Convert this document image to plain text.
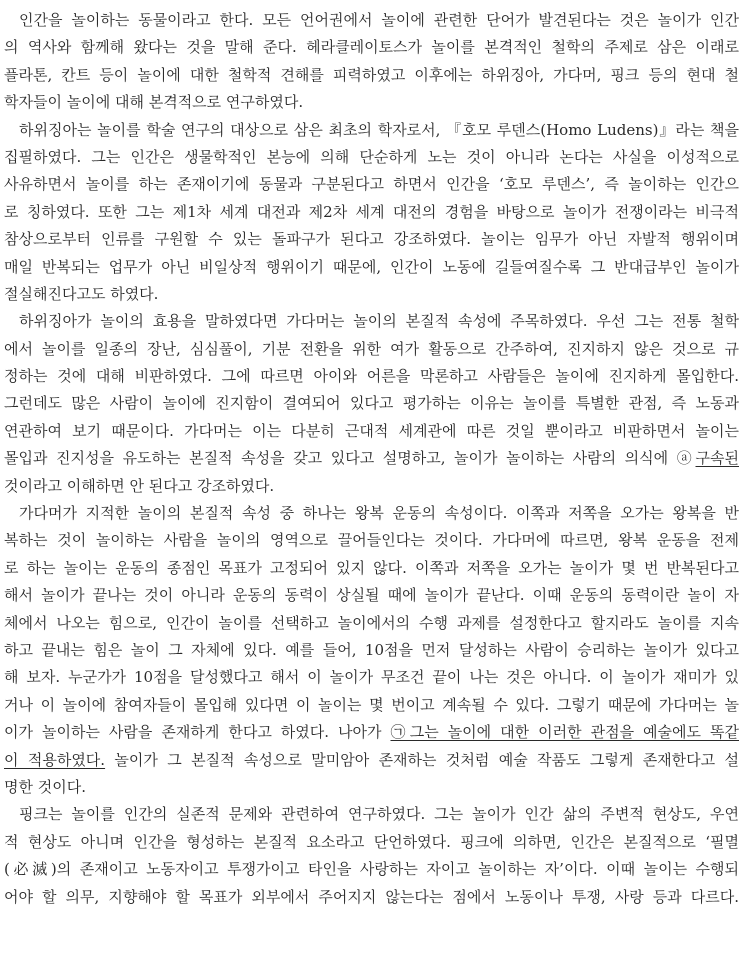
인간을 놀이하는 동물이라고 한다. 모든 언어권에서 놀이에 관련한 단어가 발견된다는 것은 놀이가 인간
의 역사와 함께해 왔다는 것을 말해 준다. 헤라클레이토스가 놀이를 본격적인 철학의 주제로 삼은 이래로
플라톤, 칸트 등이 놀이에 대한 철학적 견해를 피력하였고 이후에는 하위징아, 가다머, 핑크 등의 현대 철
학자들이 놀이에 대해 본격적으로 연구하였다.
하위징아는 놀이를 학술 연구의 대상으로 삼은 최초의 학자로서, 『호모 루덴스(Homo Ludens)』라는 책을
집필하였다. 그는 인간은 생물학적인 본능에 의해 단순하게 노는 것이 아니라 논다는 사실을 이성적으로
사유하면서 놀이를 하는 존재이기에 동물과 구분된다고 하면서 인간을 ‘호모 루덴스’, 즉 놀이하는 인간으
로 칭하였다. 또한 그는 제1차 세계 대전과 제2차 세계 대전의 경험을 바탕으로 놀이가 전쟁이라는 비극적
참상으로부터 인류를 구원할 수 있는 돌파구가 된다고 강조하였다. 놀이는 임무가 아닌 자발적 행위이며
매일 반복되는 업무가 아닌 비일상적 행위이기 때문에, 인간이 노동에 길들여질수록 그 반대급부인 놀이가
절실해진다고도 하였다.
하위징아가 놀이의 효용을 말하였다면 가다머는 놀이의 본질적 속성에 주목하였다. 우선 그는 전통 철학
에서 놀이를 일종의 장난, 심심풀이, 기분 전환을 위한 여가 활동으로 간주하여, 진지하지 않은 것으로 규
정하는 것에 대해 비판하였다. 그에 따르면 아이와 어른을 막론하고 사람들은 놀이에 진지하게 몰입한다.
그런데도 많은 사람이 놀이에 진지함이 결여되어 있다고 평가하는 이유는 놀이를 특별한 관점, 즉 노동과
연관하여 보기 때문이다. 가다머는 이는 다분히 근대적 세계관에 따른 것일 뿐이라고 비판하면서 놀이는
몰입과 진지성을 유도하는 본질적 속성을 갖고 있다고 설명하고, 놀이가 놀이하는 사람의 의식에 ⓐ구속된
것이라고 이해하면 안 된다고 강조하였다.
가다머가 지적한 놀이의 본질적 속성 중 하나는 왕복 운동의 속성이다. 이쪽과 저쪽을 오가는 왕복을 반
복하는 것이 놀이하는 사람을 놀이의 영역으로 끌어들인다는 것이다. 가다머에 따르면, 왕복 운동을 전제
로 하는 놀이는 운동의 종점인 목표가 고정되어 있지 않다. 이쪽과 저쪽을 오가는 놀이가 몇 번 반복된다고
해서 놀이가 끝나는 것이 아니라 운동의 동력이 상실될 때에 놀이가 끝난다. 이때 운동의 동력이란 놀이 자
체에서 나오는 힘으로, 인간이 놀이를 선택하고 놀이에서의 수행 과제를 설정한다고 할지라도 놀이를 지속
하고 끝내는 힘은 놀이 그 자체에 있다. 예를 들어, 10점을 먼저 달성하는 사람이 승리하는 놀이가 있다고
해 보자. 누군가가 10점을 달성했다고 해서 이 놀이가 무조건 끝이 나는 것은 아니다. 이 놀이가 재미가 있
거나 이 놀이에 참여자들이 몰입해 있다면 이 놀이는 몇 번이고 계속될 수 있다. 그렇기 때문에 가다머는 놀
이가 놀이하는 사람을 존재하게 한다고 하였다. 나아가 ㉠그는 놀이에 대한 이러한 관점을 예술에도 똑같
이 적용하였다. 놀이가 그 본질적 속성으로 말미암아 존재하는 것처럼 예술 작품도 그렇게 존재한다고 설
명한 것이다.
핑크는 놀이를 인간의 실존적 문제와 관련하여 연구하였다. 그는 놀이가 인간 삶의 주변적 현상도, 우연
적 현상도 아니며 인간을 형성하는 본질적 요소라고 단언하였다. 핑크에 의하면, 인간은 본질적으로 ‘필멸
(必滅)의 존재이고 노동자이고 투쟁가이고 타인을 사랑하는 자이고 놀이하는 자’이다. 이때 놀이는 수행되
어야 할 의무, 지향해야 할 목표가 외부에서 주어지지 않는다는 점에서 노동이나 투쟁, 사랑 등과 다르다.
